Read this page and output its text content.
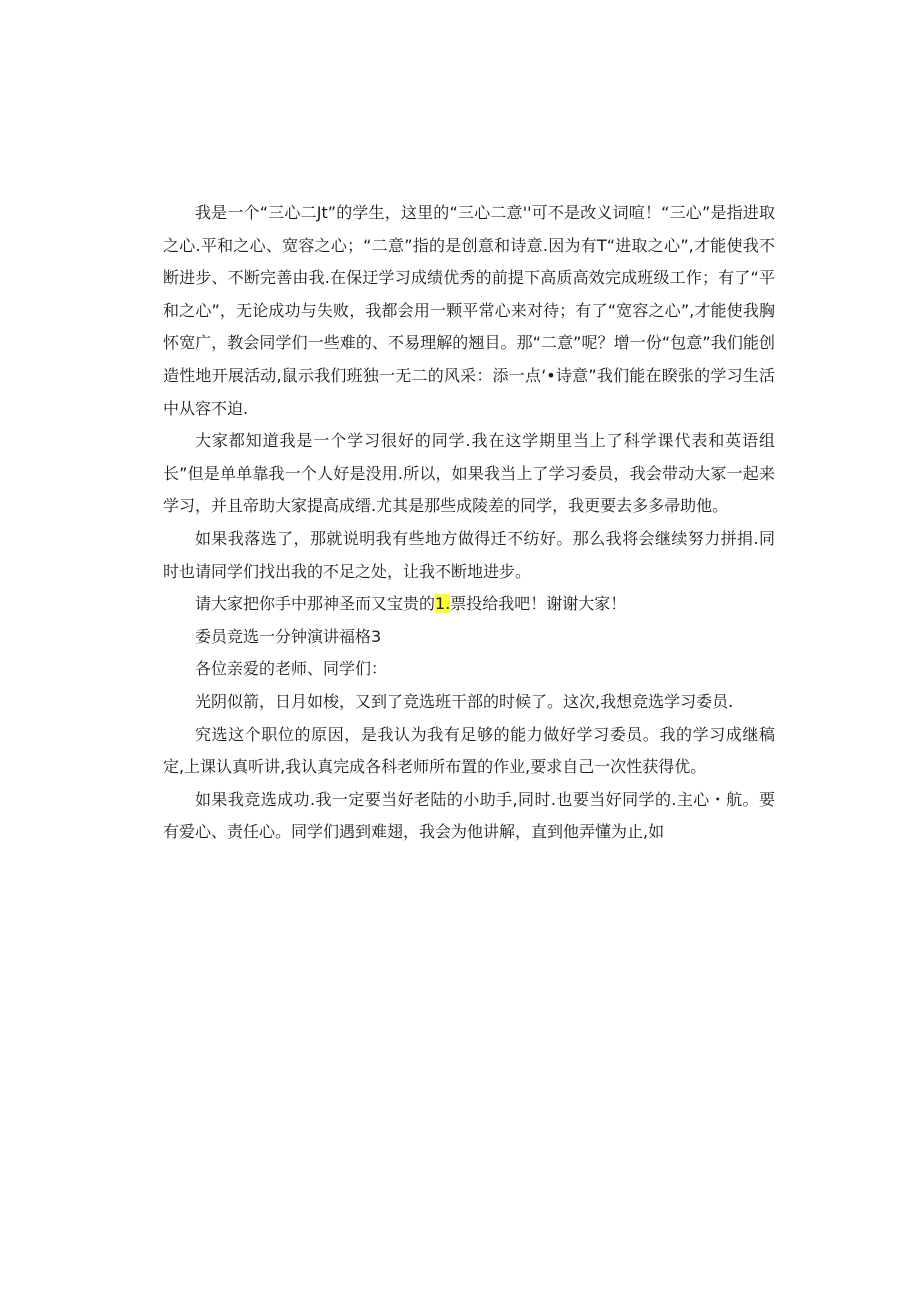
我是一个“三心二Jt”的学生，这里的“三心二意''可不是改义词喧！“三心”是指进取之心.平和之心、宽容之心；“二意”指的是创意和诗意.因为有T“进取之心”,才能使我不断进步、不断完善由我.在保迂学习成绩优秀的前提下高质高效完成班级工作；有了“平和之心”，无论成功与失败，我都会用一颗平常心来对待；有了“宽容之心”,才能使我胸怀宽广，教会同学们一些难的、不易理解的翘目。那“二意”呢？增一份“包意”我们能创造性地开展活动,鼠示我们班独一无二的风采：添一点‘•诗意”我们能在睽张的学习生活中从容不迫.

大家都知道我是一个学习很好的同学.我在这学期里当上了科学课代表和英语组长”但是单单靠我一个人好是没用.所以，如果我当上了学习委员，我会带动大冢一起来学习，并且帝助大家提高成缙.尤其是那些成陵差的同学，我更要去多多帚助他。

如果我落选了，那就说明我有些地方做得迁不纺好。那么我将会继续努力拼捐.同时也请同学们找出我的不足之处，让我不断地进步。

请大家把你手中那神圣而又宝贵的1.票投给我吧！谢谢大家！

委员竞选一分钟演讲福格3

各位亲爱的老师、同学们：

光阴似箭，日月如梭，又到了竞选班干部的时候了。这次,我想竞选学习委员.

究选这个职位的原因，是我认为我有足够的能力做好学习委员。我的学习成继稿定,上课认真听讲,我认真完成各科老师所布置的作业,要求自己一次性获得优。

如果我竞选成功.我一定要当好老陆的小助手,同时.也要当好同学的.主心・航。要有爱心、责任心。同学们遇到难翅，我会为他讲解，直到他弄懂为止,如
